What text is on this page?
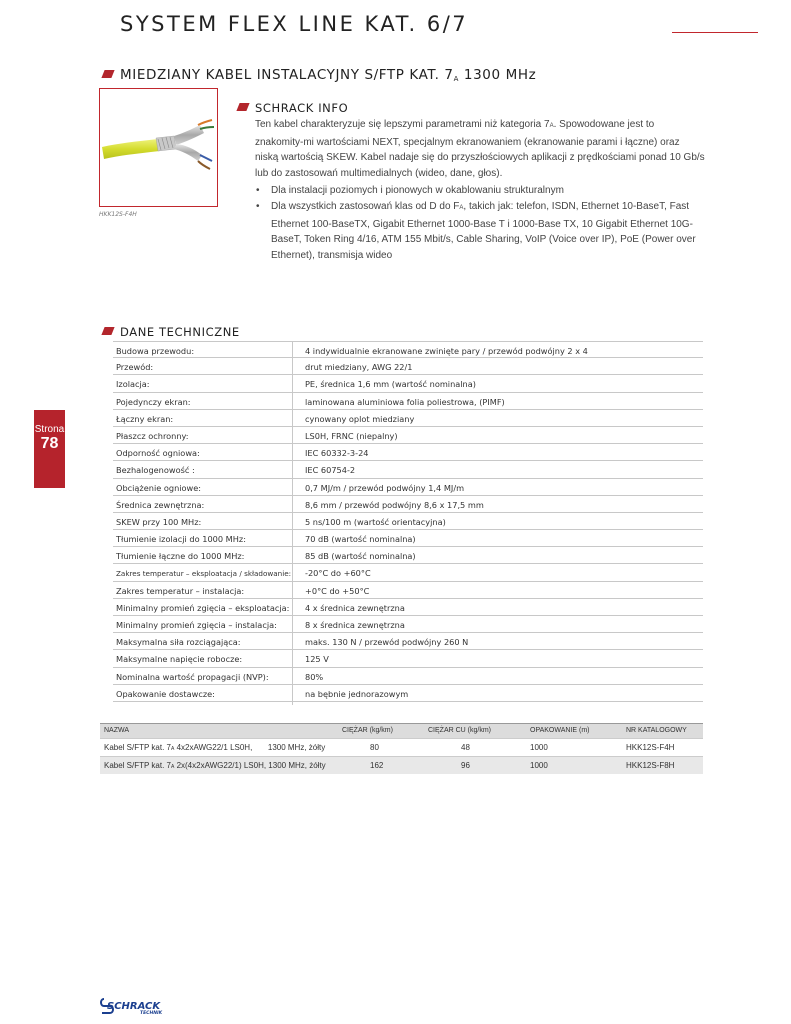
SYSTEM FLEX LINE KAT. 6/7
MIEDZIANY KABEL INSTALACYJNY S/FTP KAT. $7_A$ 1300 MHz
HKK12S-F4H
SCHRACK INFO

Ten kabel charakteryzuje się lepszymi parametrami niż kategoria 7A. Spowodowane jest to znakomity-mi wartościami NEXT, specjalnym ekranowaniem (ekranowanie parami i łączne) oraz niską wartością SKEW. Kabel nadaje się do przyszłościowych aplikacji z prędkościami ponad 10 Gb/s lub do zastosowań multimedialnych (wideo, dane, głos).

• Dla instalacji poziomych i pionowych w okablowaniu strukturalnym
• Dla wszystkich zastosowań klas od D do FA, takich jak: telefon, ISDN, Ethernet 10-BaseT, Fast Ethernet 100-BaseTX, Gigabit Ethernet 1000-Base T i 1000-Base TX, 10 Gigabit Ethernet 10G-BaseT, Token Ring 4/16, ATM 155 Mbit/s, Cable Sharing, VoIP (Voice over IP), PoE (Power over Ethernet), transmisja wideo
Strona
78
DANE TECHNICZNE
Budowa przewodu:	4 indywidualnie ekranowane zwinięte pary / przewód podwójny 2 x 4
Przewód:	drut miedziany, AWG 22/1
Izolacja:	PE, średnica 1,6 mm (wartość nominalna)
Pojedynczy ekran:	laminowana aluminiowa folia poliestrowa, (PIMF)
Łączny ekran:	cynowany oplot miedziany
Płaszcz ochronny:	LS0H, FRNC (niepalny)
Odporność ogniowa:	IEC 60332-3-24
Bezhalogenowość :	IEC 60754-2
Obciążenie ogniowe:	0,7 MJ/m / przewód podwójny 1,4 MJ/m
Średnica zewnętrzna:	8,6 mm / przewód podwójny 8,6 x 17,5 mm
SKEW przy 100 MHz:	5 ns/100 m (wartość orientacyjna)
Tłumienie izolacji do 1000 MHz:	70 dB (wartość nominalna)
Tłumienie łączne do 1000 MHz:	85 dB (wartość nominalna)
Zakres temperatur – eksploatacja / składowanie: -20°C do +60°C
Zakres temperatur – instalacja:	+0°C do +50°C
Minimalny promień zgięcia – eksploatacja: 4 x średnica zewnętrzna
Minimalny promień zgięcia – instalacja:	8 x średnica zewnętrzna
Maksymalna siła rozciągająca:	maks. 130 N / przewód podwójny 260 N
Maksymalne napięcie robocze:	125 V
Nominalna wartość propagacji (NVP):	80%
Opakowanie dostawcze:	na bębnie jednorazowym
NAZWA	CIĘŻAR (kg/km)	CIĘŻAR CU (kg/km)	OPAKOWANIE (m)	NR KATALOGOWY
Kabel S/FTP kat. 7A 4x2xAWG22/1 LS0H,       1300 MHz, żółty	80	48	1000	HKK12S-F4H
Kabel S/FTP kat. 7A 2x(4x2xAWG22/1) LS0H, 1300 MHz, żółty	162	96	1000	HKK12S-F8H
SCHRACK
TECHNIK
